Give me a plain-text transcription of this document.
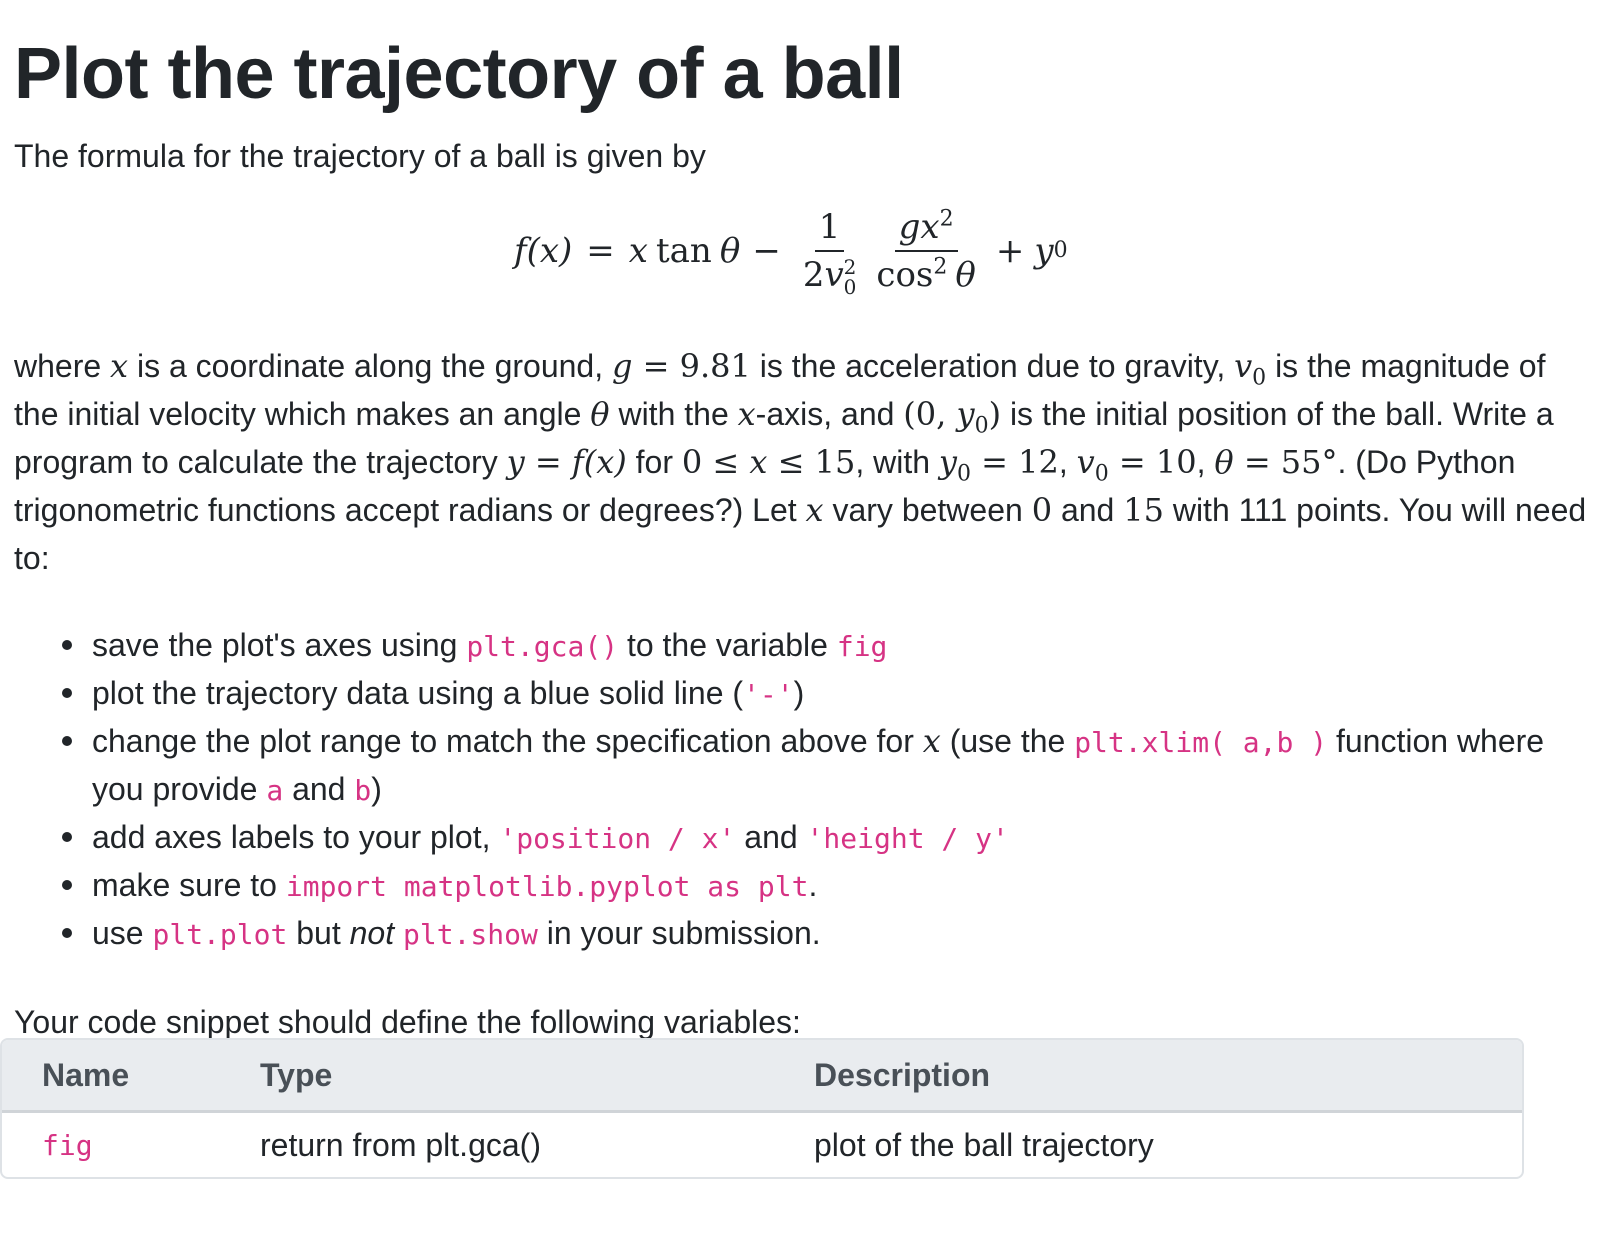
Plot the trajectory of a ball

The formula for the trajectory of a ball is given by

f(x) = x tan θ − 1
2v 2
$0 \frac{gx^2}{\cos^2 \theta} + y$ 0

where x is a coordinate along the ground, g = 9.81 is the acceleration due to gravity, $v_0$ is the magnitude of the initial velocity which makes an angle θ with the x-axis, and (0, $y_0$) is the initial position of the ball. Write a program to calculate the trajectory y = f(x) for 0 ≤ x ≤ 15, with $y_0 = 12$, $v_0 = 10$, θ = 55°. (Do Python trigonometric functions accept radians or degrees?) Let x vary between 0 and 15 with 111 points. You will need to:

save the plot's axes using plt.gca() to the variable fig
plot the trajectory data using a blue solid line ('-')
change the plot range to match the specification above for x (use the plt.xlim( a,b ) function where you provide a and b)
add axes labels to your plot, 'position / x' and 'height / y'
make sure to import matplotlib.pyplot as plt.
use plt.plot but not plt.show in your submission.

Your code snippet should define the following variables:

Name	Type	Description
fig	return from plt.gca()	plot of the ball trajectory
